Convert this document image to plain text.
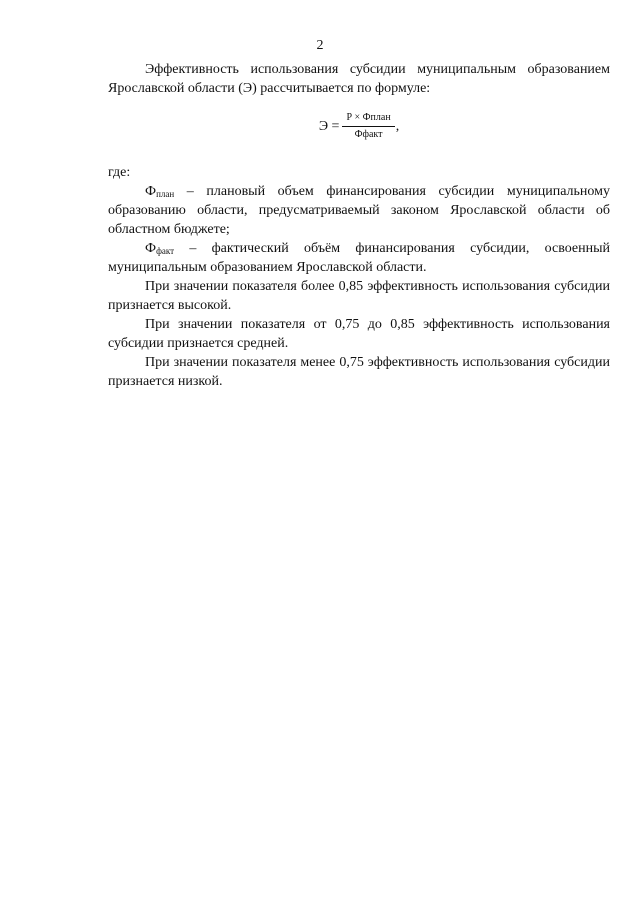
2

Эффективность использования субсидии муниципальным образованием Ярославской области (Э) рассчитывается по формуле:

$Э = \frac{\text{Р × Фплан}}{\text{Ффакт}}$ ,

где:

$Ф_{план}$ – плановый объем финансирования субсидии муниципальному образованию области, предусматриваемый законом Ярославской области об областном бюджете;

$Ф_{факт}$ – фактический объём финансирования субсидии, освоенный муниципальным образованием Ярославской области.

При значении показателя более 0,85 эффективность использования субсидии признается высокой.

При значении показателя от 0,75 до 0,85 эффективность использования субсидии признается средней.

При значении показателя менее 0,75 эффективность использования субсидии признается низкой.
